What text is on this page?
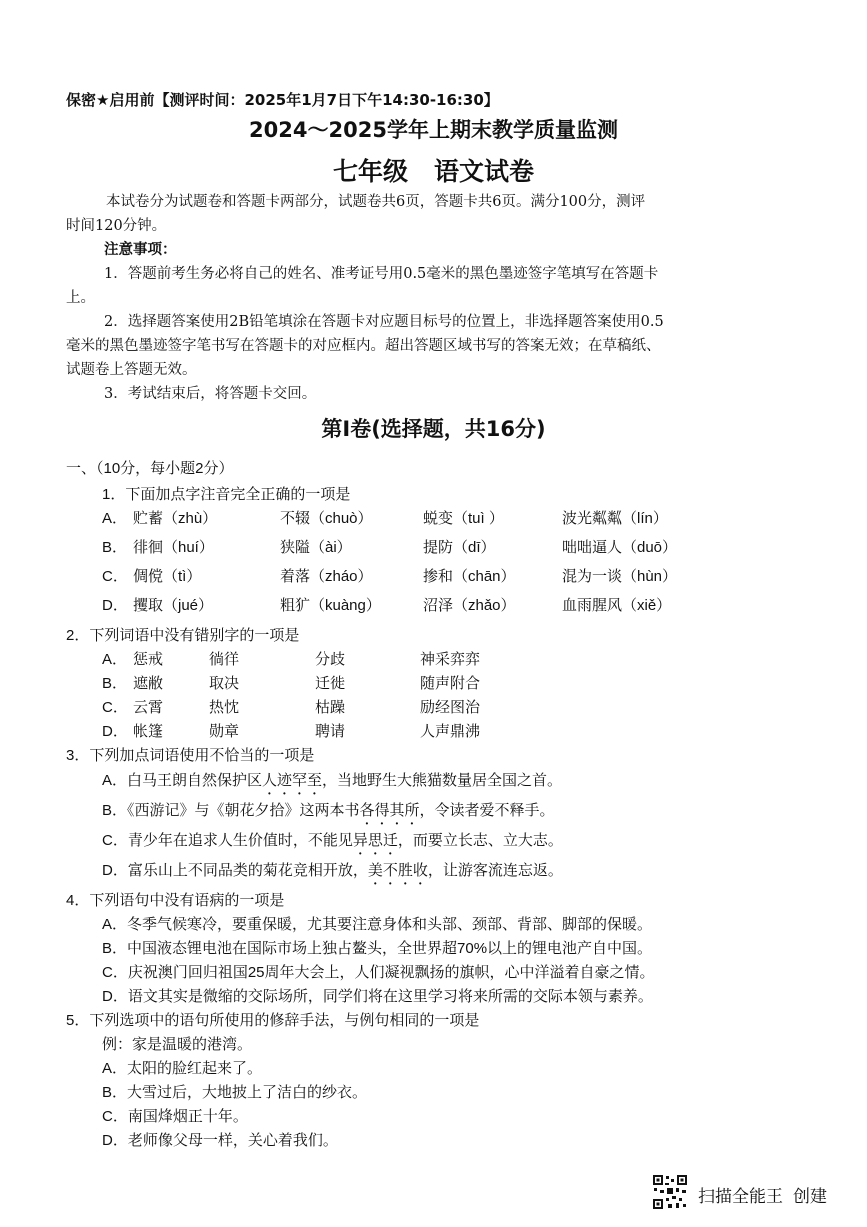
保密★启用前【测评时间：2025年1月7日下午14:30-16:30】
2024～2025学年上期末教学质量监测
七年级 语文试卷
本试卷分为试题卷和答题卡两部分，试题卷共6页，答题卡共6页。满分100分，测评
时间120分钟。
注意事项：
1．答题前考生务必将自己的姓名、准考证号用0.5毫米的黑色墨迹签字笔填写在答题卡
上。
2．选择题答案使用2B铅笔填涂在答题卡对应题目标号的位置上，非选择题答案使用0.5
毫米的黑色墨迹签字笔书写在答题卡的对应框内。超出答题区域书写的答案无效；在草稿纸、
试题卷上答题无效。
3．考试结束后，将答题卡交回。
第Ⅰ卷(选择题，共16分)
一、（10分，每小题2分）
1．下面加点字注音完全正确的一项是
A． 贮蓄（zhù）	不辍（chuò）	蜕变（tuì ）	波光粼粼（lín）
B． 徘徊（huí）	狭隘（ài）	提防（dī）	咄咄逼人（duō）
C． 倜傥（tì）	着落（zháo）	掺和（chān）	混为一谈（hùn）
D． 攫取（jué）	粗犷（kuàng）	沼泽（zhǎo）	血雨腥风（xiě）
2．下列词语中没有错别字的一项是
A． 惩戒	徜徉	分歧	神采弈弈
B． 遮敝	取决	迁徙	随声附合
C． 云霄	热忱	枯躁	励经图治
D． 帐篷	勋章	聘请	人声鼎沸
3．下列加点词语使用不恰当的一项是
A．白马王朗自然保护区人迹罕至，当地野生大熊猫数量居全国之首。
B．《西游记》与《朝花夕拾》这两本书各得其所，令读者爱不释手。
C．青少年在追求人生价值时，不能见异思迁，而要立长志、立大志。
D．富乐山上不同品类的菊花竞相开放，美不胜收，让游客流连忘返。
4．下列语句中没有语病的一项是
A．冬季气候寒冷，要重保暖，尤其要注意身体和头部、颈部、背部、脚部的保暖。
B．中国液态锂电池在国际市场上独占鳌头，全世界超70%以上的锂电池产自中国。
C．庆祝澳门回归祖国25周年大会上，人们凝视飘扬的旗帜，心中洋溢着自豪之情。
D．语文其实是微缩的交际场所，同学们将在这里学习将来所需的交际本领与素养。
5．下列选项中的语句所使用的修辞手法，与例句相同的一项是
例：家是温暖的港湾。
A．太阳的脸红起来了。
B．大雪过后，大地披上了洁白的纱衣。
C．南国烽烟正十年。
D．老师像父母一样，关心着我们。
扫描全能王 创建
